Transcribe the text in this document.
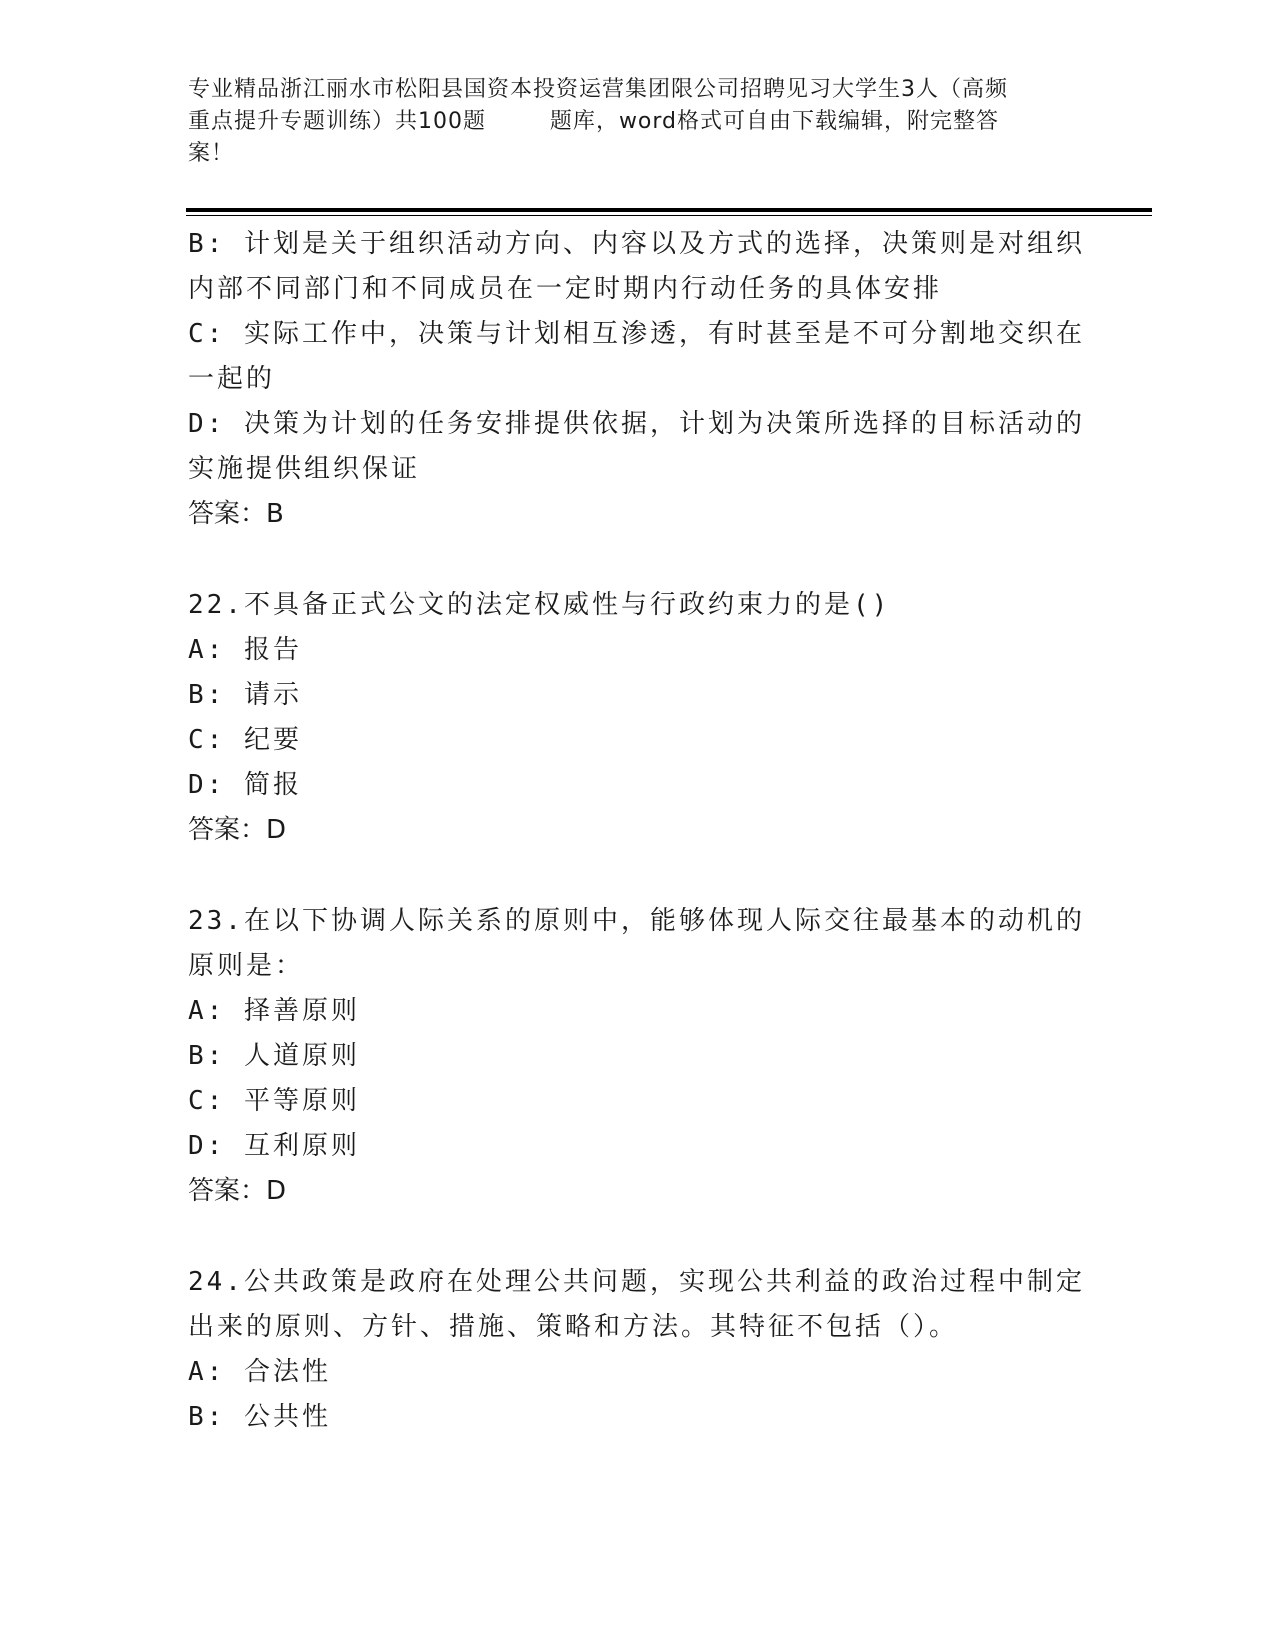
专业精品浙江丽水市松阳县国资本投资运营集团限公司招聘见习大学生3人（高频
重点提升专题训练）共100题        题库，word格式可自由下载编辑，附完整答
案！
B: 计划是关于组织活动方向、内容以及方式的选择，决策则是对组织
内部不同部门和不同成员在一定时期内行动任务的具体安排
C: 实际工作中，决策与计划相互渗透，有时甚至是不可分割地交织在
一起的
D: 决策为计划的任务安排提供依据，计划为决策所选择的目标活动的
实施提供组织保证
答案：B
22.不具备正式公文的法定权威性与行政约束力的是()
A: 报告
B: 请示
C: 纪要
D: 简报
答案：D
23.在以下协调人际关系的原则中，能够体现人际交往最基本的动机的
原则是：
A: 择善原则
B: 人道原则
C: 平等原则
D: 互利原则
答案：D
24.公共政策是政府在处理公共问题，实现公共利益的政治过程中制定
出来的原则、方针、措施、策略和方法。其特征不包括（）。
A: 合法性
B: 公共性
